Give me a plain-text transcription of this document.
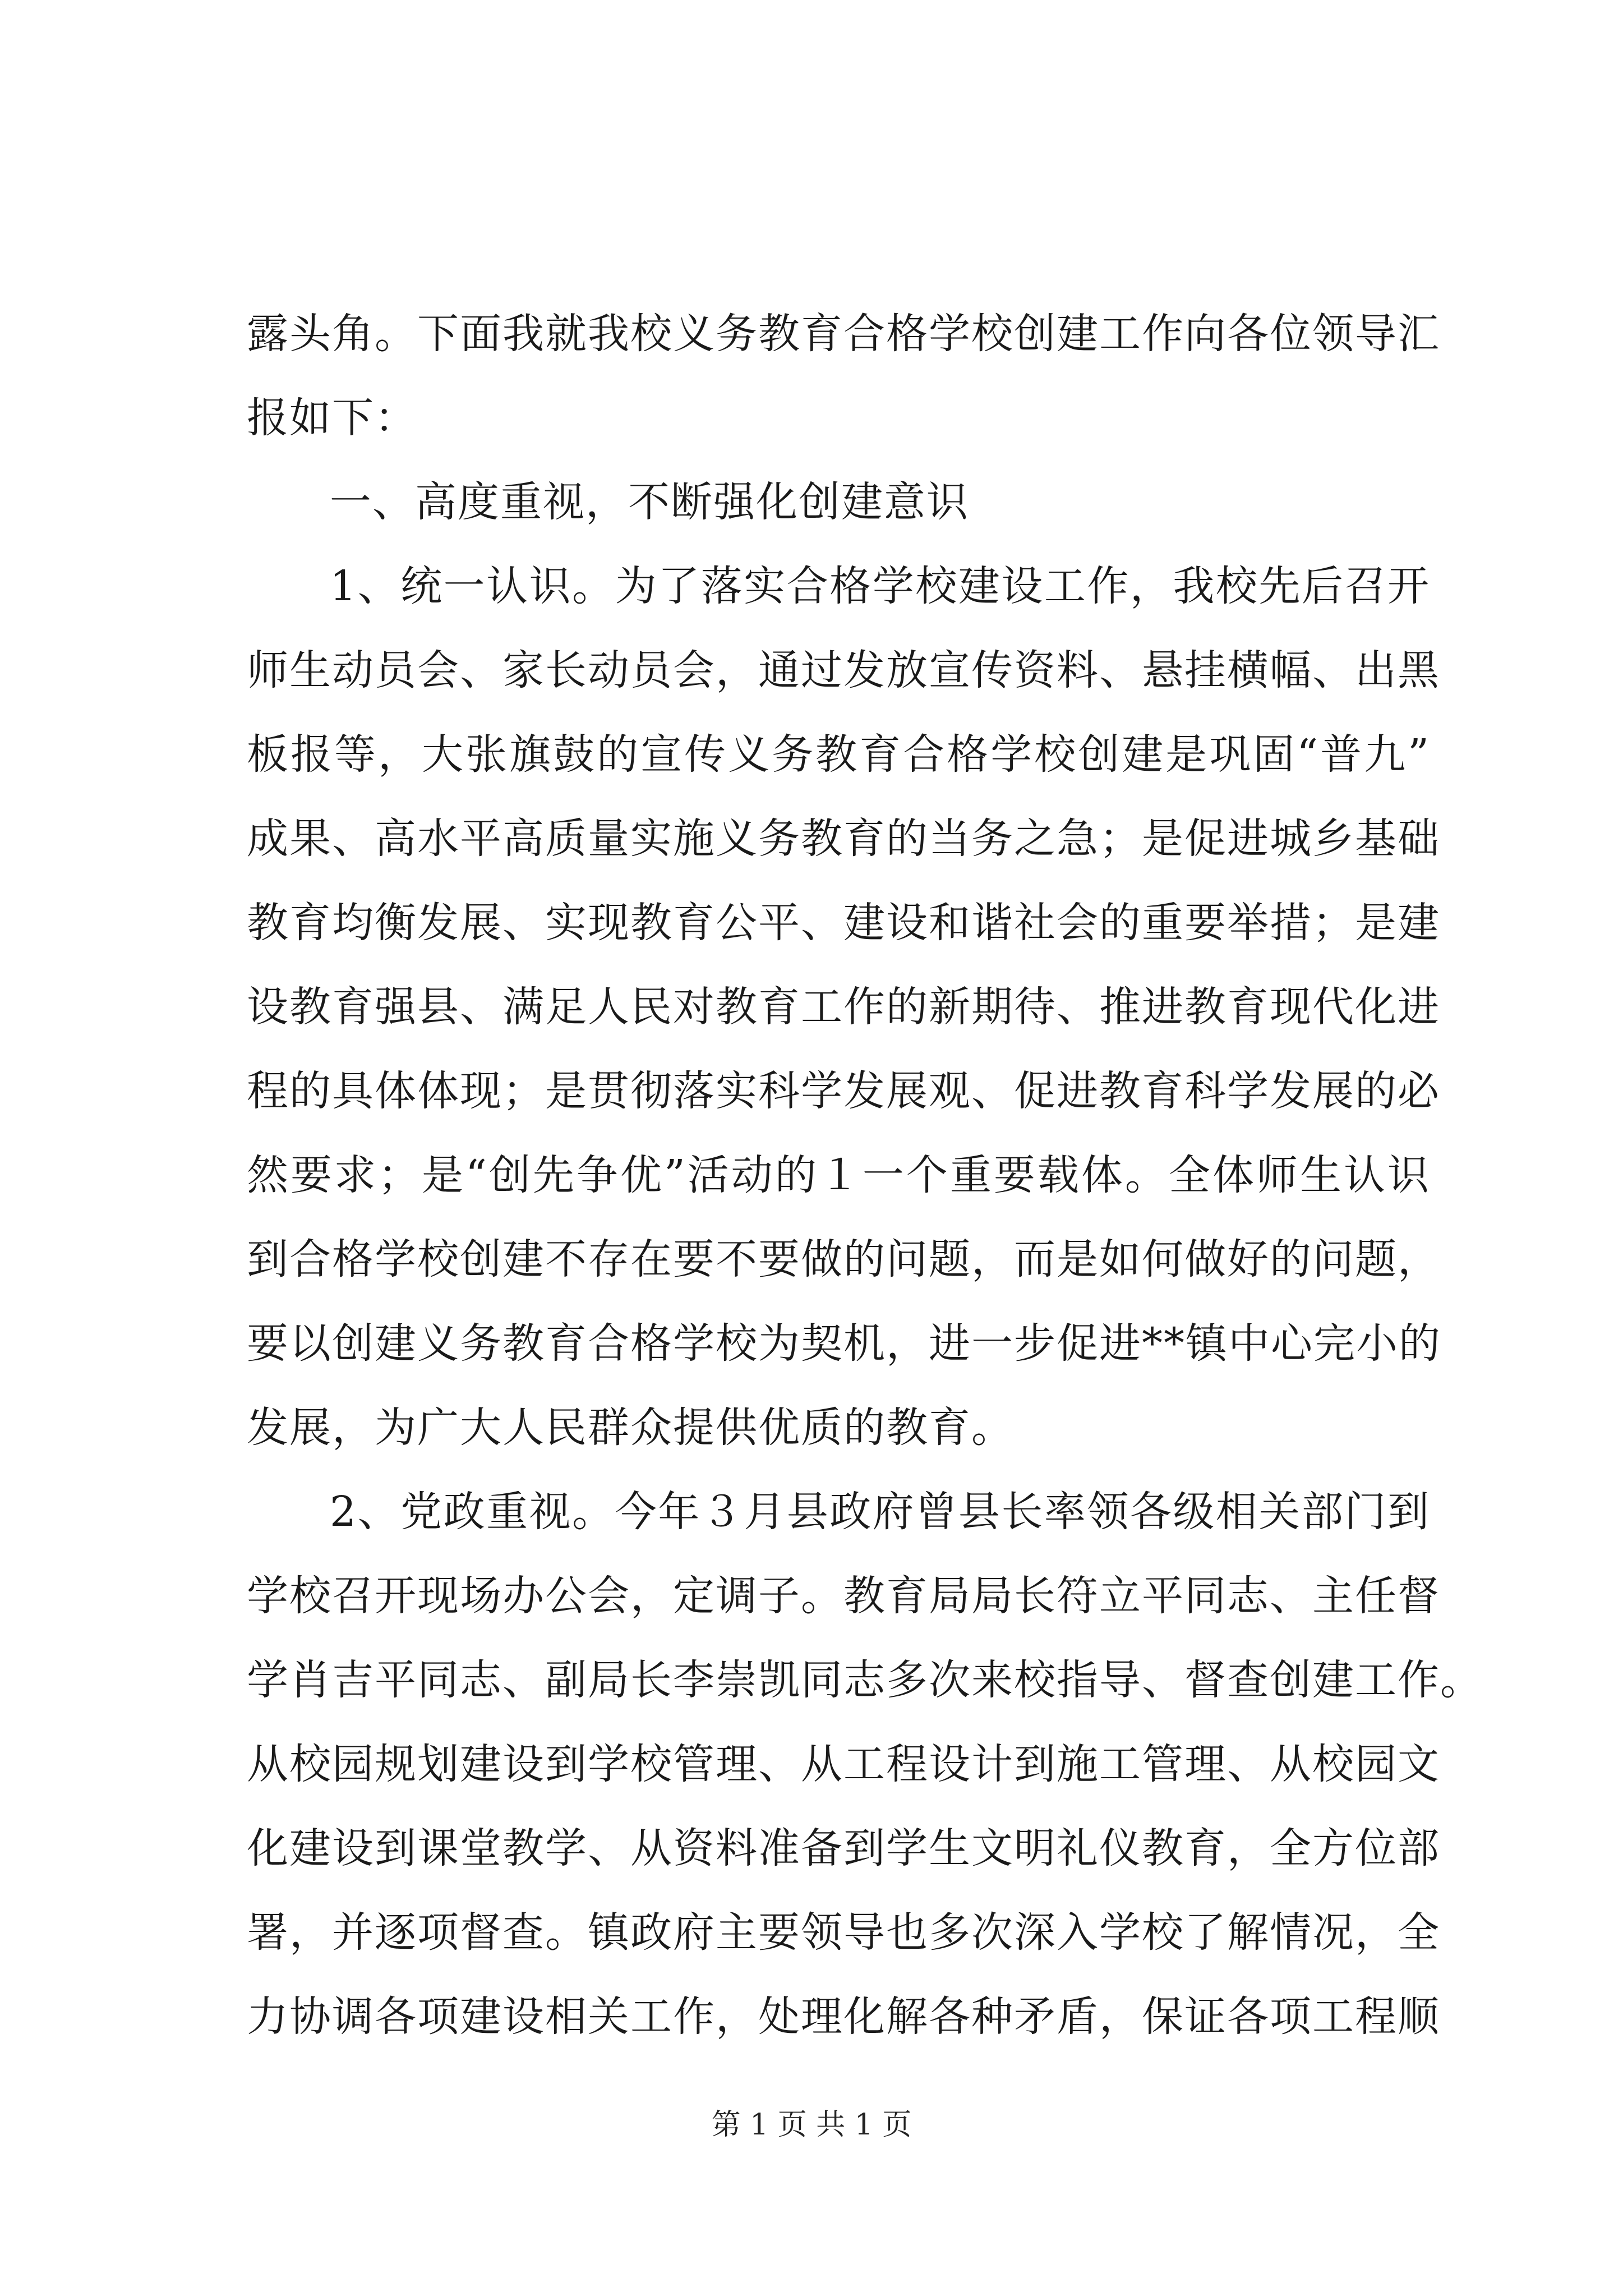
露头角。下面我就我校义务教育合格学校创建工作向各位领导汇
报如下：
一、高度重视，不断强化创建意识
1、统一认识。为了落实合格学校建设工作，我校先后召开
师生动员会、家长动员会，通过发放宣传资料、悬挂横幅、出黑
板报等，大张旗鼓的宣传义务教育合格学校创建是巩固“普九”
成果、高水平高质量实施义务教育的当务之急；是促进城乡基础
教育均衡发展、实现教育公平、建设和谐社会的重要举措；是建
设教育强县、满足人民对教育工作的新期待、推进教育现代化进
程的具体体现；是贯彻落实科学发展观、促进教育科学发展的必
然要求；是“创先争优”活动的１一个重要载体。全体师生认识
到合格学校创建不存在要不要做的问题，而是如何做好的问题，
要以创建义务教育合格学校为契机，进一步促进**镇中心完小的
发展，为广大人民群众提供优质的教育。
2、党政重视。今年３月县政府曾县长率领各级相关部门到
学校召开现场办公会，定调子。教育局局长符立平同志、主任督
学肖吉平同志、副局长李崇凯同志多次来校指导、督查创建工作。
从校园规划建设到学校管理、从工程设计到施工管理、从校园文
化建设到课堂教学、从资料准备到学生文明礼仪教育，全方位部
署，并逐项督查。镇政府主要领导也多次深入学校了解情况，全
力协调各项建设相关工作，处理化解各种矛盾，保证各项工程顺
第 1 页 共 1 页
